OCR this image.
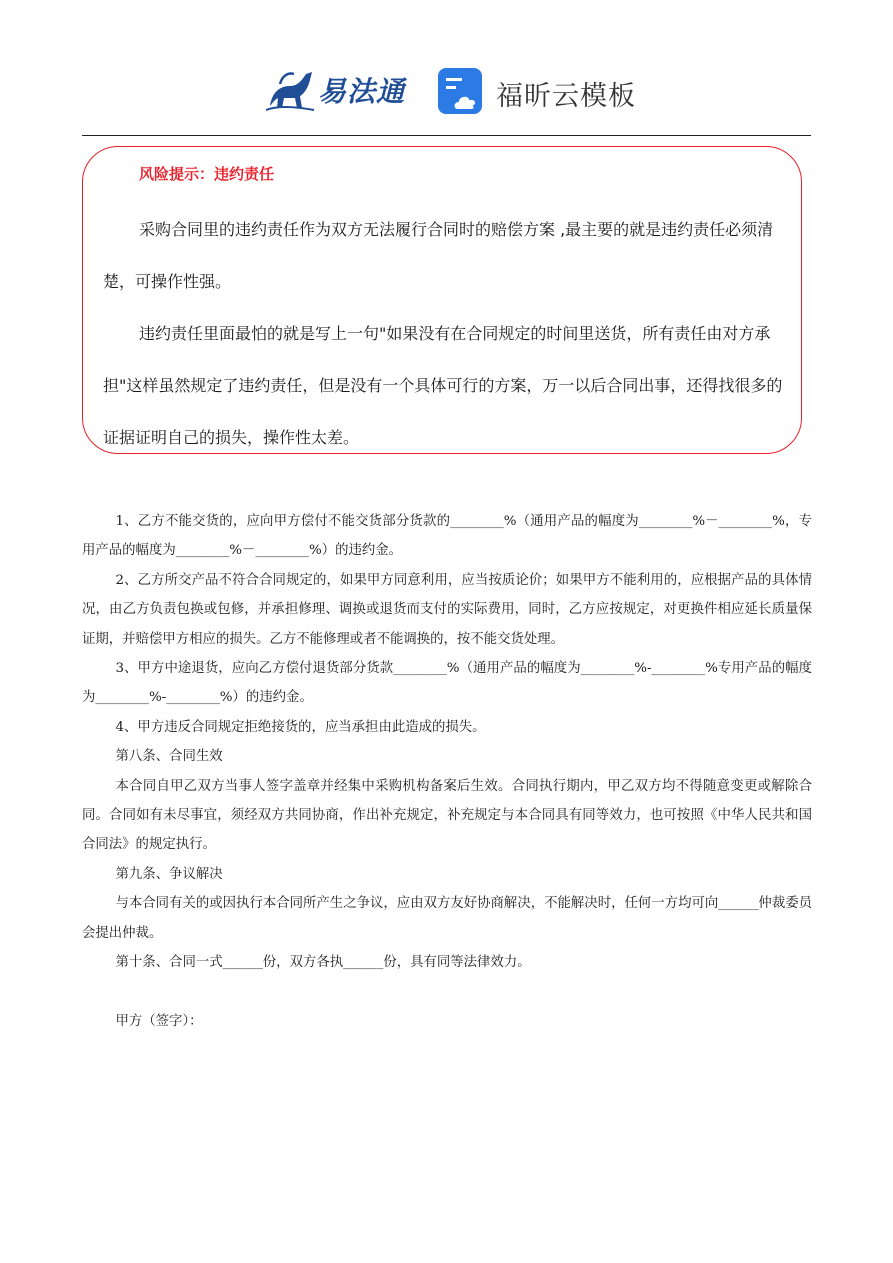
易法通	福昕云模板
风险提示：违约责任
采购合同里的违约责任作为双方无法履行合同时的赔偿方案 ,最主要的就是违约责任必须清楚，可操作性强。
违约责任里面最怕的就是写上一句"如果没有在合同规定的时间里送货，所有责任由对方承担"这样虽然规定了违约责任，但是没有一个具体可行的方案，万一以后合同出事，还得找很多的证据证明自己的损失，操作性太差。

1、乙方不能交货的，应向甲方偿付不能交货部分货款的________%（通用产品的幅度为________%－________%，专用产品的幅度为________%－________%）的违约金。

2、乙方所交产品不符合合同规定的，如果甲方同意利用，应当按质论价；如果甲方不能利用的，应根据产品的具体情况，由乙方负责包换或包修，并承担修理、调换或退货而支付的实际费用，同时，乙方应按规定，对更换件相应延长质量保证期，并赔偿甲方相应的损失。乙方不能修理或者不能调换的，按不能交货处理。

3、甲方中途退货，应向乙方偿付退货部分货款________%（通用产品的幅度为________%-________%专用产品的幅度为________%-________%）的违约金。

4、甲方违反合同规定拒绝接货的，应当承担由此造成的损失。

第八条、合同生效

本合同自甲乙双方当事人签字盖章并经集中采购机构备案后生效。合同执行期内，甲乙双方均不得随意变更或解除合同。合同如有未尽事宜，须经双方共同协商，作出补充规定，补充规定与本合同具有同等效力，也可按照《中华人民共和国合同法》的规定执行。

第九条、争议解决

与本合同有关的或因执行本合同所产生之争议，应由双方友好协商解决，不能解决时，任何一方均可向______仲裁委员会提出仲裁。

第十条、合同一式______份，双方各执______份，具有同等法律效力。

甲方（签字）：
